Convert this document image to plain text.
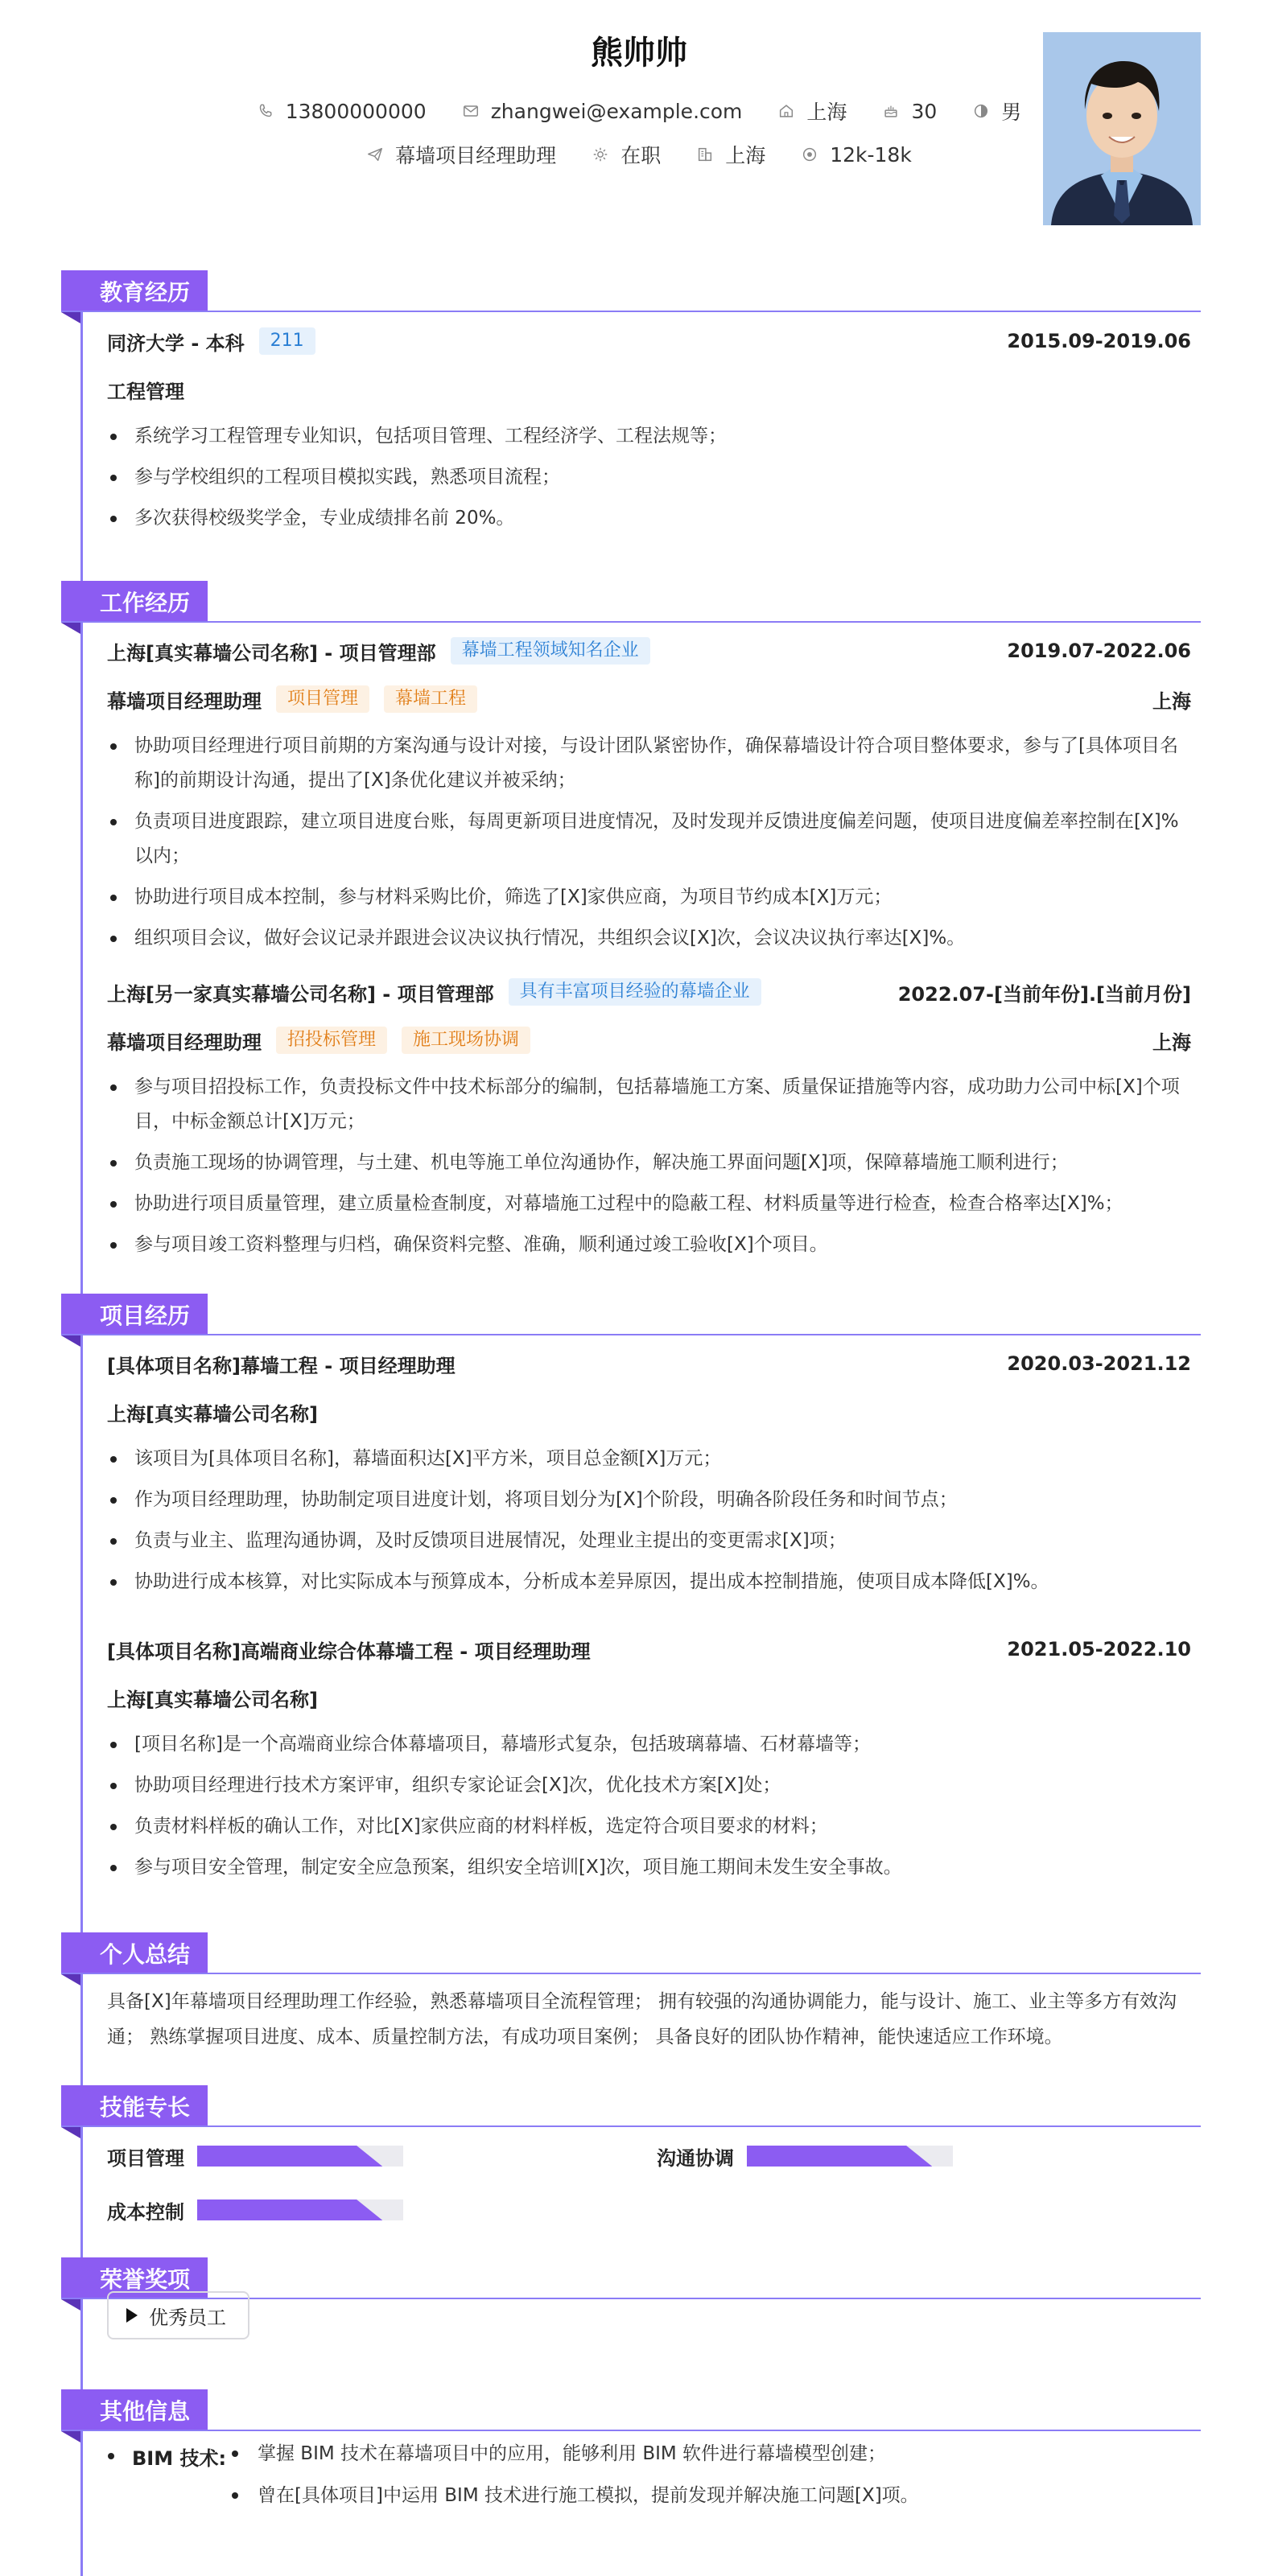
熊帅帅
13800000000	zhangwei@example.com	上海	30	男
幕墙项目经理助理	在职	上海	12k-18k
教育经历
同济大学 - 本科	211	2015.09-2019.06
工程管理
系统学习工程管理专业知识，包括项目管理、工程经济学、工程法规等；
参与学校组织的工程项目模拟实践，熟悉项目流程；
多次获得校级奖学金，专业成绩排名前 20%。
工作经历
上海[真实幕墙公司名称] - 项目管理部	幕墙工程领域知名企业	2019.07-2022.06
幕墙项目经理助理	项目管理	幕墙工程	上海
协助项目经理进行项目前期的方案沟通与设计对接，与设计团队紧密协作，确保幕墙设计符合项目整体要求，参与了[具体项目名称]的前期设计沟通，提出了[X]条优化建议并被采纳；
负责项目进度跟踪，建立项目进度台账，每周更新项目进度情况，及时发现并反馈进度偏差问题，使项目进度偏差率控制在[X]%以内；
协助进行项目成本控制，参与材料采购比价，筛选了[X]家供应商，为项目节约成本[X]万元；
组织项目会议，做好会议记录并跟进会议决议执行情况，共组织会议[X]次，会议决议执行率达[X]%。
上海[另一家真实幕墙公司名称] - 项目管理部	具有丰富项目经验的幕墙企业	2022.07-[当前年份].[当前月份]
幕墙项目经理助理	招投标管理	施工现场协调	上海
参与项目招投标工作，负责投标文件中技术标部分的编制，包括幕墙施工方案、质量保证措施等内容，成功助力公司中标[X]个项目，中标金额总计[X]万元；
负责施工现场的协调管理，与土建、机电等施工单位沟通协作，解决施工界面问题[X]项，保障幕墙施工顺利进行；
协助进行项目质量管理，建立质量检查制度，对幕墙施工过程中的隐蔽工程、材料质量等进行检查，检查合格率达[X]%；
参与项目竣工资料整理与归档，确保资料完整、准确，顺利通过竣工验收[X]个项目。
项目经历
[具体项目名称]幕墙工程 - 项目经理助理	2020.03-2021.12
上海[真实幕墙公司名称]
该项目为[具体项目名称]，幕墙面积达[X]平方米，项目总金额[X]万元；
作为项目经理助理，协助制定项目进度计划，将项目划分为[X]个阶段，明确各阶段任务和时间节点；
负责与业主、监理沟通协调，及时反馈项目进展情况，处理业主提出的变更需求[X]项；
协助进行成本核算，对比实际成本与预算成本，分析成本差异原因，提出成本控制措施，使项目成本降低[X]%。
[具体项目名称]高端商业综合体幕墙工程 - 项目经理助理	2021.05-2022.10
上海[真实幕墙公司名称]
[项目名称]是一个高端商业综合体幕墙项目，幕墙形式复杂，包括玻璃幕墙、石材幕墙等；
协助项目经理进行技术方案评审，组织专家论证会[X]次，优化技术方案[X]处；
负责材料样板的确认工作，对比[X]家供应商的材料样板，选定符合项目要求的材料；
参与项目安全管理，制定安全应急预案，组织安全培训[X]次，项目施工期间未发生安全事故。
个人总结
具备[X]年幕墙项目经理助理工作经验，熟悉幕墙项目全流程管理； 拥有较强的沟通协调能力，能与设计、施工、业主等多方有效沟通； 熟练掌握项目进度、成本、质量控制方法，有成功项目案例； 具备良好的团队协作精神，能快速适应工作环境。
技能专长
项目管理	沟通协调
成本控制
荣誉奖项
优秀员工
其他信息
BIM 技术:	掌握 BIM 技术在幕墙项目中的应用，能够利用 BIM 软件进行幕墙模型创建；
曾在[具体项目]中运用 BIM 技术进行施工模拟，提前发现并解决施工问题[X]项。
